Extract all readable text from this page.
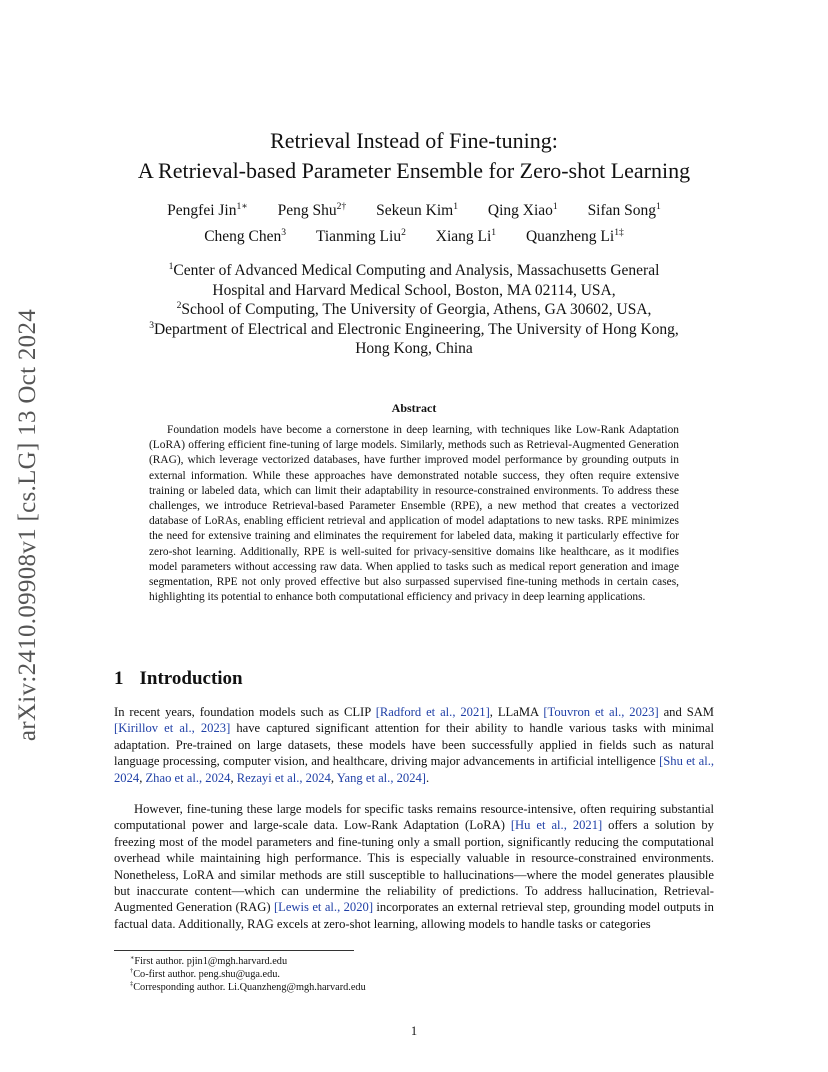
arXiv:2410.09908v1 [cs.LG] 13 Oct 2024
Retrieval Instead of Fine-tuning:
A Retrieval-based Parameter Ensemble for Zero-shot Learning
Pengfei Jin$^{1∗}$ Peng Shu$^{2\dagger}$ Sekeun Kim$^1$ Qing Xiao$^1$ Sifan Song$^1$
Cheng Chen$^3$ Tianming Liu$^2$ Xiang Li$^1$ Quanzheng $Li^{1\ddagger}$
$^1$Center of Advanced Medical Computing and Analysis, Massachusetts General
Hospital and Harvard Medical School, Boston, MA 02114, USA,
$^2$School of Computing, The University of Georgia, Athens, GA 30602, USA,
$^3$Department of Electrical and Electronic Engineering, The University of Hong Kong,
Hong Kong, China
Abstract

Foundation models have become a cornerstone in deep learning, with techniques like Low-Rank Adaptation (LoRA) offering efficient fine-tuning of large models. Similarly, methods such as Retrieval-Augmented Generation (RAG), which leverage vectorized databases, have further improved model performance by grounding outputs in external information. While these approaches have demonstrated notable success, they often require extensive training or labeled data, which can limit their adaptability in resource-constrained environments. To address these challenges, we introduce Retrieval-based Parameter Ensemble (RPE), a new method that creates a vectorized database of LoRAs, enabling efficient retrieval and application of model adaptations to new tasks. RPE minimizes the need for extensive training and eliminates the requirement for labeled data, making it particularly effective for zero-shot learning. Additionally, RPE is well-suited for privacy-sensitive domains like healthcare, as it modifies model parameters without accessing raw data. When applied to tasks such as medical report generation and image segmentation, RPE not only proved effective but also surpassed supervised fine-tuning methods in certain cases, highlighting its potential to enhance both computational efficiency and privacy in deep learning applications.

1 Introduction

In recent years, foundation models such as CLIP [Radford et al., 2021], LLaMA [Touvron et al., 2023] and SAM [Kirillov et al., 2023] have captured significant attention for their ability to handle various tasks with minimal adaptation. Pre-trained on large datasets, these models have been successfully applied in fields such as natural language processing, computer vision, and healthcare, driving major advancements in artificial intelligence [Shu et al., 2024, Zhao et al., 2024, Rezayi et al., 2024, Yang et al., 2024].

However, fine-tuning these large models for specific tasks remains resource-intensive, often requiring substantial computational power and large-scale data. Low-Rank Adaptation (LoRA) [Hu et al., 2021] offers a solution by freezing most of the model parameters and fine-tuning only a small portion, significantly reducing the computational overhead while maintaining high performance. This is especially valuable in resource-constrained environments. Nonetheless, LoRA and similar methods are still susceptible to hallucinations—where the model generates plausible but inaccurate content—which can undermine the reliability of predictions. To address hallucination, Retrieval-Augmented Generation (RAG) [Lewis et al., 2020] incorporates an external retrieval step, grounding model outputs in factual data. Additionally, RAG excels at zero-shot learning, allowing models to handle tasks or categories

∗First author. pjin1@mgh.harvard.edu
†Co-first author. peng.shu@uga.edu.
‡Corresponding author. Li.Quanzheng@mgh.harvard.edu
1
